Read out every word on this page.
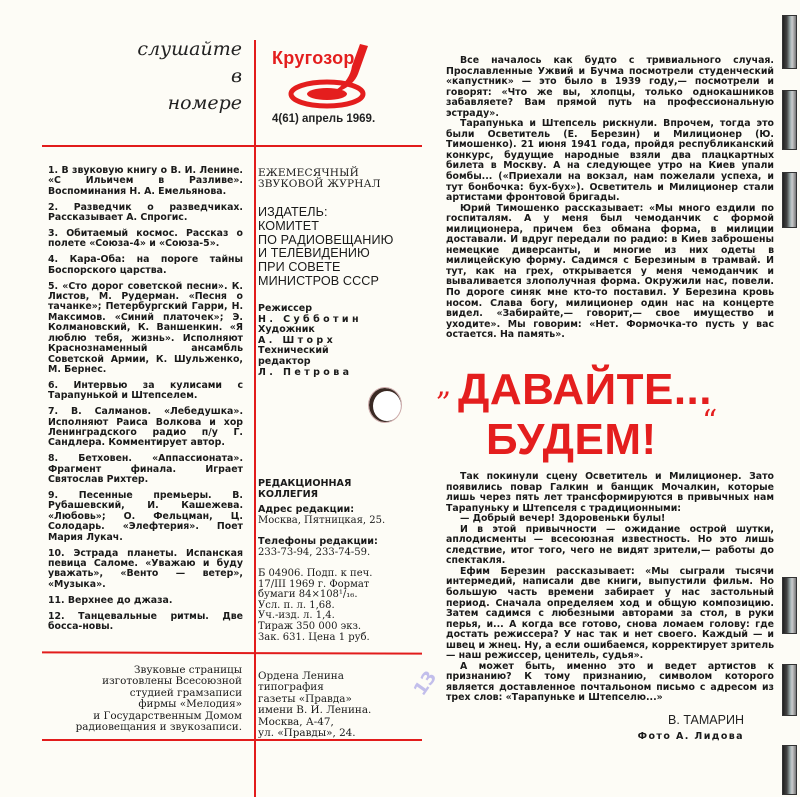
слушайте
в
номере
Кругозор
4(61) апрель 1969.

1. В звуковую книгу о В. И. Ленине. «С Ильичем в Разливе». Воспоминания Н. А. Емельянова.

2. Разведчик о разведчиках. Рассказывает А. Спрогис.

3. Обитаемый космос. Рассказ о полете «Союза-4» и «Союза-5».

4. Кара-Оба: на пороге тайны Боспорского царства.

5. «Сто дорог советской песни». К. Листов, М. Рудерман. «Песня о тачанке»; Петербургский Гарри, Н. Максимов. «Синий платочек»; Э. Колмановский, К. Ваншенкин. «Я люблю тебя, жизнь». Исполняют Краснознаменный ансамбль Советской Армии, К. Шульженко, М. Бернес.

6. Интервью за кулисами с Тарапунькой и Штепселем.

7. В. Салманов. «Лебедушка». Исполняют Раиса Волкова и хор Ленинградского радио п/у Г. Сандлера. Комментирует автор.

8. Бетховен. «Аппассионата». Фрагмент финала. Играет Святослав Рихтер.

9. Песенные премьеры. В. Рубашевский, И. Кашежева. «Любовь»; О. Фельцман, Ц. Солодарь. «Элефтерия». Поет Мария Лукач.

10. Эстрада планеты. Испанская певица Саломе. «Уважаю и буду уважать», «Венто — ветер», «Музыка».

11. Верхнее до джаза.

12. Танцевальные ритмы. Две босса-новы.

Звуковые страницы
изготовлены Всесоюзной
студией грамзаписи
фирмы «Мелодия»
и Государственным Домом
радиовещания и звукозаписи.
ЕЖЕМЕСЯЧНЫЙ
ЗВУКОВОЙ ЖУРНАЛ
ИЗДАТЕЛЬ:
КОМИТЕТ
ПО РАДИОВЕЩАНИЮ
И ТЕЛЕВИДЕНИЮ
ПРИ СОВЕТЕ
МИНИСТРОВ СССР
Режиссер
Н. Субботин
Художник
А. Шторх
Технический
редактор
Л. Петрова
РЕДАКЦИОННАЯ
КОЛЛЕГИЯ
Адрес редакции:
Москва, Пятницкая, 25.
Телефоны редакции:
233-73-94, 233-74-59.
Б 04906. Подп. к печ.
17/III 1969 г. Формат
бумаги 84×108¹/₁₆.
Усл. п. л. 1,68.
Уч.-изд. л. 1,4.
Тираж 350 000 экз.
Зак. 631. Цена 1 руб.
Ордена Ленина
типография
газеты «Правда»
имени В. И. Ленина.
Москва, А-47,
ул. «Правды», 24.
13

Все началось как будто с тривиального случая. Прославленные Ужвий и Бучма посмотрели студенческий «капустник» — это было в 1939 году,— посмотрели и говорят: «Что же вы, хлопцы, только однокашников забавляете? Вам прямой путь на профессиональную эстраду».

Тарапунька и Штепсель рискнули. Впрочем, тогда это были Осветитель (Е. Березин) и Милиционер (Ю. Тимошенко). 21 июня 1941 года, пройдя республиканский конкурс, будущие народные взяли два плацкартных билета в Москву. А на следующее утро на Киев упали бомбы... («Приехали на вокзал, нам пожелали успеха, и тут бонбочка: бух-бух»). Осветитель и Милиционер стали артистами фронтовой бригады.

Юрий Тимошенко рассказывает: «Мы много ездили по госпиталям. А у меня был чемоданчик с формой милиционера, причем без обмана форма, в милиции доставали. И вдруг передали по радио: в Киев заброшены немецкие диверсанты, и многие из них одеты в милицейскую форму. Садимся с Березиным в трамвай. И тут, как на грех, открывается у меня чемоданчик и вываливается злополучная форма. Окружили нас, повели. По дороге синяк мне кто-то поставил. У Березина кровь носом. Слава богу, милиционер один нас на концерте видел. «Забирайте,— говорит,— свое имущество и уходите». Мы говорим: «Нет. Формочка-то пусть у вас остается. На память».

„ ДАВАЙТЕ...
БУДЕМ! “

Так покинули сцену Осветитель и Милиционер. Зато появились повар Галкин и банщик Мочалкин, которые лишь через пять лет трансформируются в привычных нам Тарапуньку и Штепселя с традиционными:

— Добрый вечер! Здоровеньки булы!

И в этой привычности — ожидание острой шутки, аплодисменты — всесоюзная известность. Но это лишь следствие, итог того, чего не видят зрители,— работы до спектакля.

Ефим Березин рассказывает: «Мы сыграли тысячи интермедий, написали две книги, выпустили фильм. Но большую часть времени забирает у нас застольный период. Сначала определяем ход и общую композицию. Затем садимся с любезными авторами за стол, в руки перья, и... А когда все готово, снова ломаем голову: где достать режиссера? У нас так и нет своего. Каждый — и швец и жнец. Ну, а если ошибаемся, корректирует зритель — наш режиссер, ценитель, судья».

А может быть, именно это и ведет артистов к признанию? К тому признанию, символом которого является доставленное почтальоном письмо с адресом из трех слов: «Тарапуньке и Штепселю...»

В. ТАМАРИН
Фото А. Лидова
